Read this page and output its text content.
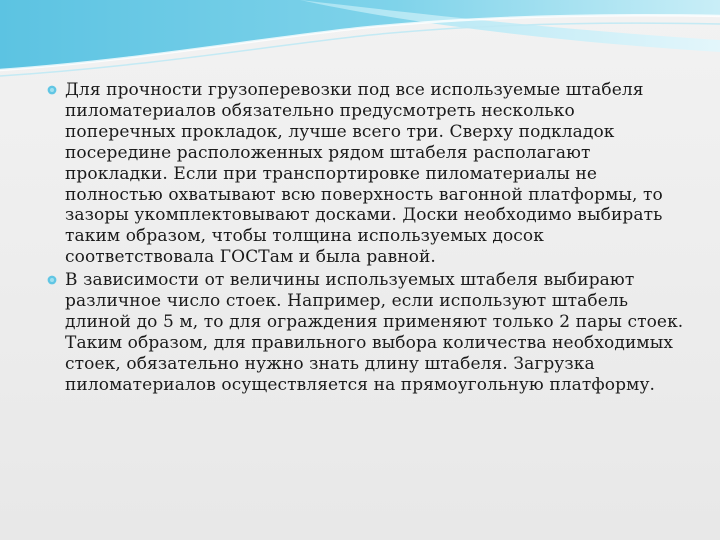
Для прочности грузоперевозки под все используемые штабеля пиломатериалов обязательно предусмотреть несколько поперечных прокладок, лучше всего три. Сверху подкладок посередине расположенных рядом штабеля располагают прокладки. Если при транспортировке пиломатериалы не полностью охватывают всю поверхность вагонной платформы, то зазоры укомплектовывают досками. Доски необходимо выбирать таким образом, чтобы толщина используемых досок соответствовала ГОСТам и была равной.
В зависимости от величины используемых штабеля выбирают различное число стоек. Например, если используют штабель длиной до 5 м, то для ограждения применяют только 2 пары стоек. Таким образом, для правильного выбора количества необходимых стоек, обязательно нужно знать длину штабеля. Загрузка пиломатериалов осуществляется на прямоугольную платформу.
